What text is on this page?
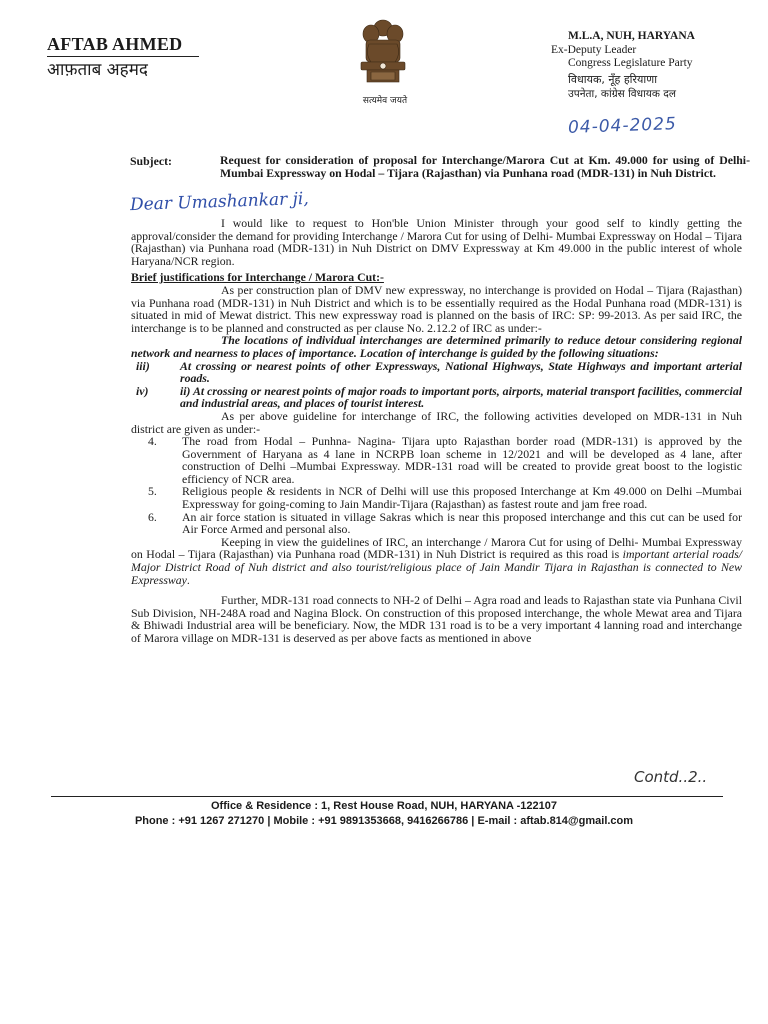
AFTAB AHMED
आफ़ताब अहमद
सत्यमेव जयते
M.L.A, NUH, HARYANA
Ex-Deputy Leader
Congress Legislature Party
विधायक, नूँह हरियाणा
उपनेता, कांग्रेस विधायक दल
04-04-2025
Subject:	Request for consideration of proposal for Interchange/Marora Cut at Km. 49.000 for using of Delhi- Mumbai Expressway on Hodal – Tijara (Rajasthan) via Punhana road (MDR-131) in Nuh District.
Dear Umashankar ji,

I would like to request to Hon'ble Union Minister through your good self to kindly getting the approval/consider the demand for providing Interchange / Marora Cut for using of Delhi- Mumbai Expressway on Hodal – Tijara (Rajasthan) via Punhana road (MDR-131) in Nuh District on DMV Expressway at Km 49.000 in the public interest of whole Haryana/NCR region.

Brief justifications for Interchange / Marora Cut:-

As per construction plan of DMV new expressway, no interchange is provided on Hodal – Tijara (Rajasthan) via Punhana road (MDR-131) in Nuh District and which is to be essentially required as the Hodal Punhana road (MDR-131) is situated in mid of Mewat district. This new expressway road is planned on the basis of IRC: SP: 99-2013. As per said IRC, the interchange is to be planned and constructed as per clause No. 2.12.2 of IRC as under:-

The locations of individual interchanges are determined primarily to reduce detour considering regional network and nearness to places of importance. Location of interchange is guided by the following situations:

iii)	At crossing or nearest points of other Expressways, National Highways, State Highways and important arterial roads.
iv)	ii) At crossing or nearest points of major roads to important ports, airports, material transport facilities, commercial and industrial areas, and places of tourist interest.

As per above guideline for interchange of IRC, the following activities developed on MDR-131 in Nuh district are given as under:-

4.	The road from Hodal – Punhna- Nagina- Tijara upto Rajasthan border road (MDR-131) is approved by the Government of Haryana as 4 lane in NCRPB loan scheme in 12/2021 and will be developed as 4 lane, after construction of Delhi –Mumbai Expressway. MDR-131 road will be created to provide great boost to the logistic efficiency of NCR area.
5.	Religious people & residents in NCR of Delhi will use this proposed Interchange at Km 49.000 on Delhi –Mumbai Expressway for going-coming to Jain Mandir-Tijara (Rajasthan) as fastest route and jam free road.
6.	An air force station is situated in village Sakras which is near this proposed interchange and this cut can be used for Air Force Armed and personal also.

Keeping in view the guidelines of IRC, an interchange / Marora Cut for using of Delhi- Mumbai Expressway on Hodal – Tijara (Rajasthan) via Punhana road (MDR-131) in Nuh District is required as this road is important arterial roads/ Major District Road of Nuh district and also tourist/religious place of Jain Mandir Tijara in Rajasthan is connected to New Expressway.

Further, MDR-131 road connects to NH-2 of Delhi – Agra road and leads to Rajasthan state via Punhana Civil Sub Division, NH-248A road and Nagina Block. On construction of this proposed interchange, the whole Mewat area and Tijara & Bhiwadi Industrial area will be beneficiary. Now, the MDR 131 road is to be a very important 4 lanning road and interchange of Marora village on MDR-131 is deserved as per above facts as mentioned in above

Contd..2..
Office & Residence : 1, Rest House Road, NUH, HARYANA -122107
Phone : +91 1267 271270 | Mobile : +91 9891353668, 9416266786 | E-mail : aftab.814@gmail.com
